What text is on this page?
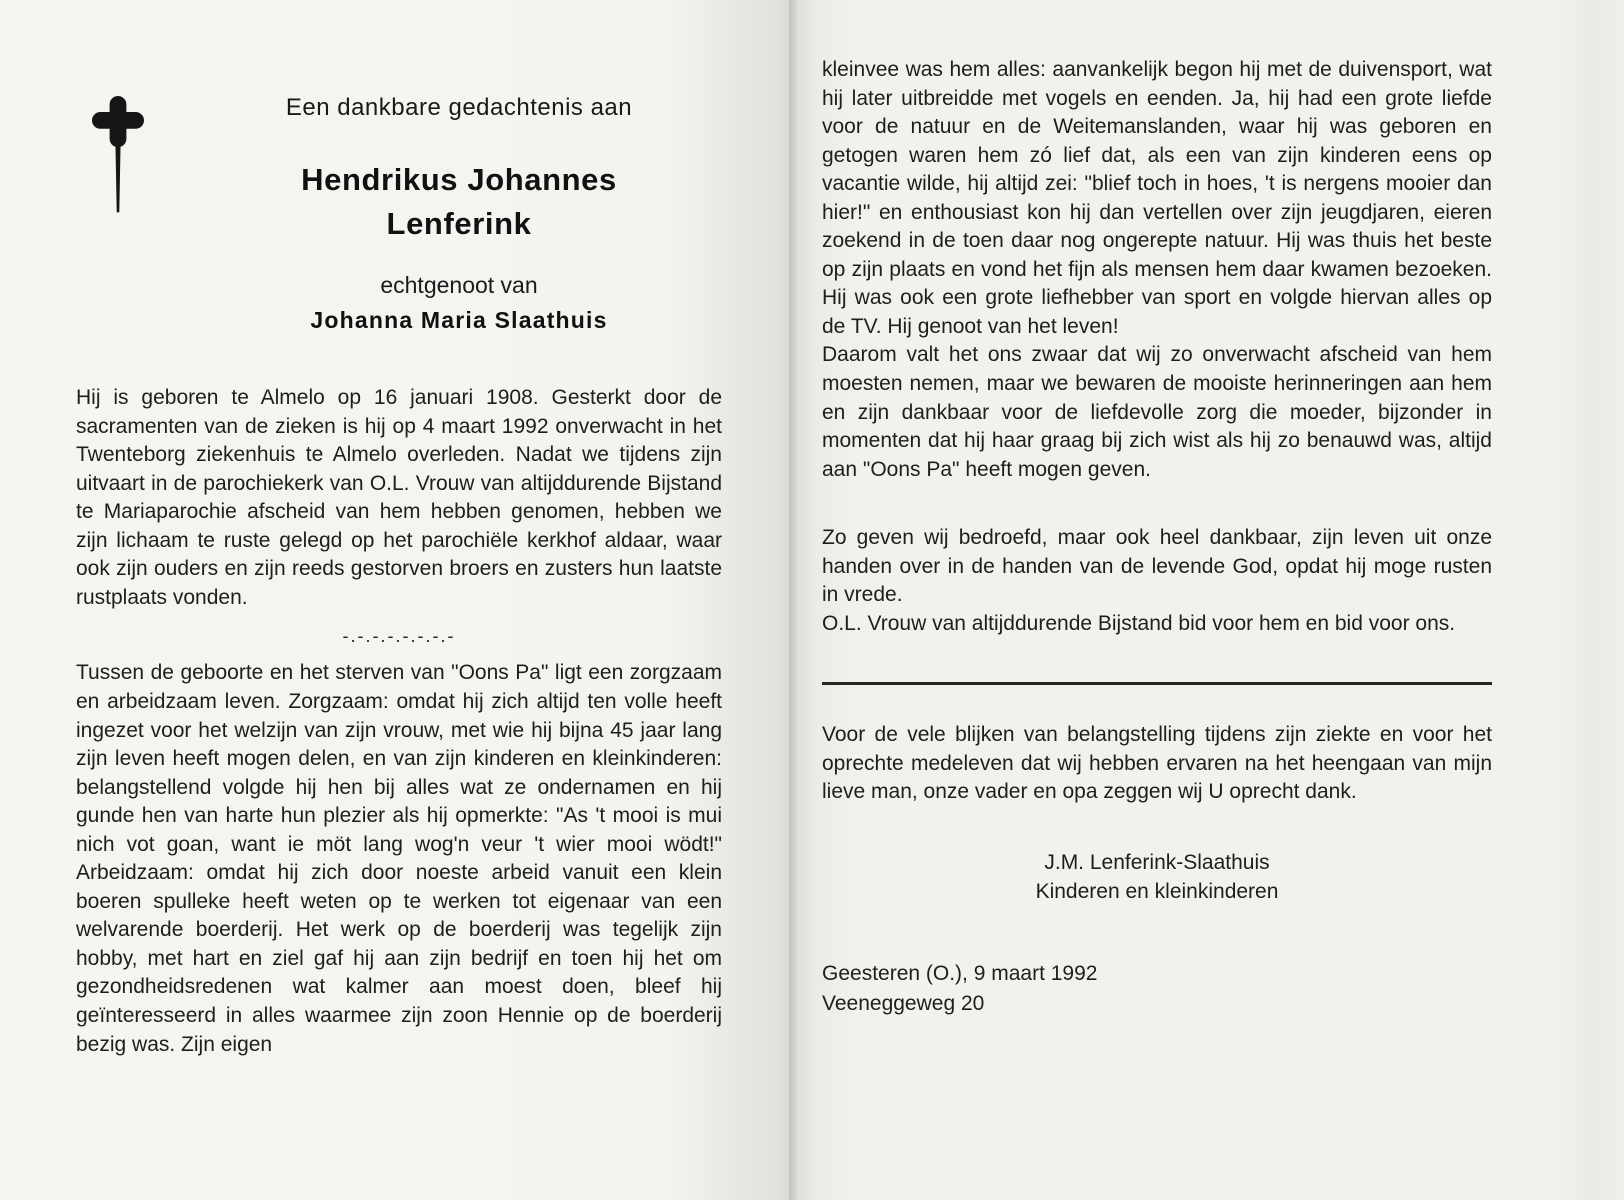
Een dankbare gedachtenis aan

Hendrikus Johannes
Lenferink

echtgenoot van

Johanna Maria Slaathuis

Hij is geboren te Almelo op 16 januari 1908. Gesterkt door de sacramenten van de zieken is hij op 4 maart 1992 onverwacht in het Twenteborg ziekenhuis te Almelo overleden. Nadat we tijdens zijn uitvaart in de parochiekerk van O.L. Vrouw van altijddurende Bijstand te Mariaparochie afscheid van hem hebben genomen, hebben we zijn lichaam te ruste gelegd op het parochiële kerkhof aldaar, waar ook zijn ouders en zijn reeds gestorven broers en zusters hun laatste rustplaats vonden.

-.-.-.-.-.-.-.-

Tussen de geboorte en het sterven van "Oons Pa" ligt een zorgzaam en arbeidzaam leven. Zorgzaam: omdat hij zich altijd ten volle heeft ingezet voor het welzijn van zijn vrouw, met wie hij bijna 45 jaar lang zijn leven heeft mogen delen, en van zijn kinderen en kleinkinderen: belangstellend volgde hij hen bij alles wat ze ondernamen en hij gunde hen van harte hun plezier als hij opmerkte: "As 't mooi is mui nich vot goan, want ie möt lang wog'n veur 't wier mooi wödt!" Arbeidzaam: omdat hij zich door noeste arbeid vanuit een klein boeren spulleke heeft weten op te werken tot eigenaar van een welvarende boerderij. Het werk op de boerderij was tegelijk zijn hobby, met hart en ziel gaf hij aan zijn bedrijf en toen hij het om gezondheidsredenen wat kalmer aan moest doen, bleef hij geïnteresseerd in alles waarmee zijn zoon Hennie op de boerderij bezig was. Zijn eigen

kleinvee was hem alles: aanvankelijk begon hij met de duivensport, wat hij later uitbreidde met vogels en eenden. Ja, hij had een grote liefde voor de natuur en de Weitemanslanden, waar hij was geboren en getogen waren hem zó lief dat, als een van zijn kinderen eens op vacantie wilde, hij altijd zei: "blief toch in hoes, 't is nergens mooier dan hier!" en enthousiast kon hij dan vertellen over zijn jeugdjaren, eieren zoekend in de toen daar nog ongerepte natuur. Hij was thuis het beste op zijn plaats en vond het fijn als mensen hem daar kwamen bezoeken. Hij was ook een grote liefhebber van sport en volgde hiervan alles op de TV. Hij genoot van het leven!

Daarom valt het ons zwaar dat wij zo onverwacht afscheid van hem moesten nemen, maar we bewaren de mooiste herinneringen aan hem en zijn dankbaar voor de liefdevolle zorg die moeder, bijzonder in momenten dat hij haar graag bij zich wist als hij zo benauwd was, altijd aan "Oons Pa" heeft mogen geven.

Zo geven wij bedroefd, maar ook heel dankbaar, zijn leven uit onze handen over in de handen van de levende God, opdat hij moge rusten in vrede.

O.L. Vrouw van altijddurende Bijstand bid voor hem en bid voor ons.

Voor de vele blijken van belangstelling tijdens zijn ziekte en voor het oprechte medeleven dat wij hebben ervaren na het heengaan van mijn lieve man, onze vader en opa zeggen wij U oprecht dank.

J.M. Lenferink-Slaathuis

Kinderen en kleinkinderen

Geesteren (O.), 9 maart 1992

Veeneggeweg 20
